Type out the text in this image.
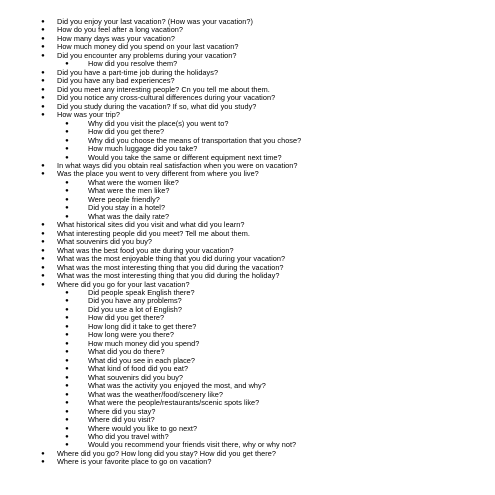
● Did you enjoy your last vacation? (How was your vacation?)
● How do you feel after a long vacation?
● How many days was your vacation?
● How much money did you spend on your last vacation?
● Did you encounter any problems during your vacation?
●	How did you resolve them?
● Did you have a part-time job during the holidays?
● Did you have any bad experiences?
● Did you meet any interesting people? Cn you tell me about them.
● Did you notice any cross-cultural differences during your vacation?
● Did you study during the vacation? If so, what did you study?
● How was your trip?
●	Why did you visit the place(s) you went to?
●	How did you get there?
●	Why did you choose the means of transportation that you chose?
●	How much luggage did you take?
●	Would you take the same or different equipment next time?
● In what ways did you obtain real satisfaction when you were on vacation?
● Was the place you went to very different from where you live?
●	What were the women like?
●	What were the men like?
●	Were people friendly?
●	Did you stay in a hotel?
●	What was the daily rate?
● What historical sites did you visit and what did you learn?
● What interesting people did you meet? Tell me about them.
● What souvenirs did you buy?
● What was the best food you ate during your vacation?
● What was the most enjoyable thing that you did during your vacation?
● What was the most interesting thing that you did during the vacation?
● What was the most interesting thing that you did during the holiday?
● Where did you go for your last vacation?
●	Did people speak English there?
●	Did you have any problems?
●	Did you use a lot of English?
●	How did you get there?
●	How long did it take to get there?
●	How long were you there?
●	How much money did you spend?
●	What did you do there?
●	What did you see in each place?
●	What kind of food did you eat?
●	What souvenirs did you buy?
●	What was the activity you enjoyed the most, and why?
●	What was the weather/food/scenery like?
●	What were the people/restaurants/scenic spots like?
●	Where did you stay?
●	Where did you visit?
●	Where would you like to go next?
●	Who did you travel with?
●	Would you recommend your friends visit there, why or why not?
● Where did you go? How long did you stay? How did you get there?
● Where is your favorite place to go on vacation?
